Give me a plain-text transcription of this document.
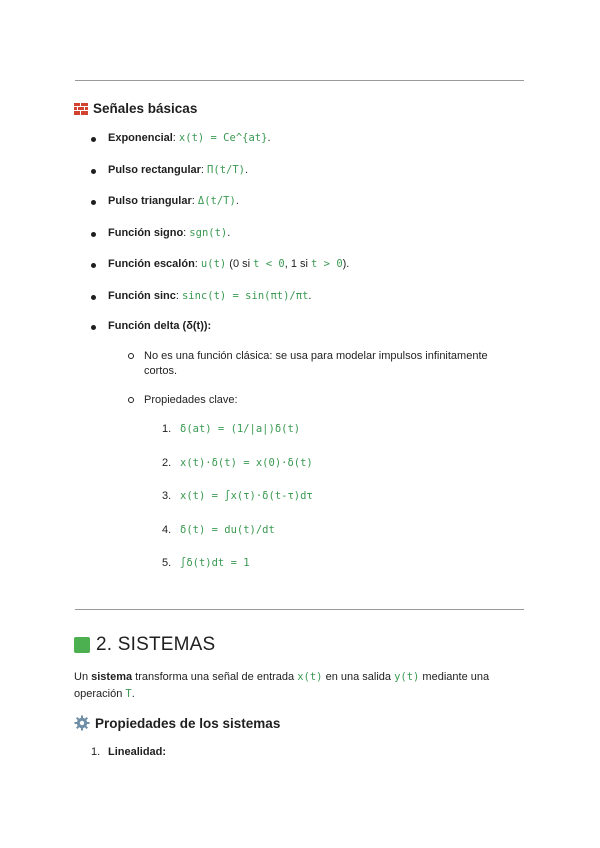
Señales básicas
Exponencial: x(t) = Ce^{at}.
Pulso rectangular: Π(t/T).
Pulso triangular: Δ(t/T).
Función signo: sgn(t).
Función escalón: u(t) (0 si t < 0, 1 si t > 0).
Función sinc: sinc(t) = sin(πt)/πt.
Función delta (δ(t)):
No es una función clásica: se usa para modelar impulsos infinitamente cortos.
Propiedades clave:
1. δ(at) = (1/|a|)δ(t)
2. x(t)·δ(t) = x(0)·δ(t)
3. x(t) = ∫x(τ)·δ(t-τ)dτ
4. δ(t) = du(t)/dt
5. ∫δ(t)dt = 1
2. SISTEMAS
Un sistema transforma una señal de entrada x(t) en una salida y(t) mediante una operación T.
Propiedades de los sistemas
1. Linealidad:
